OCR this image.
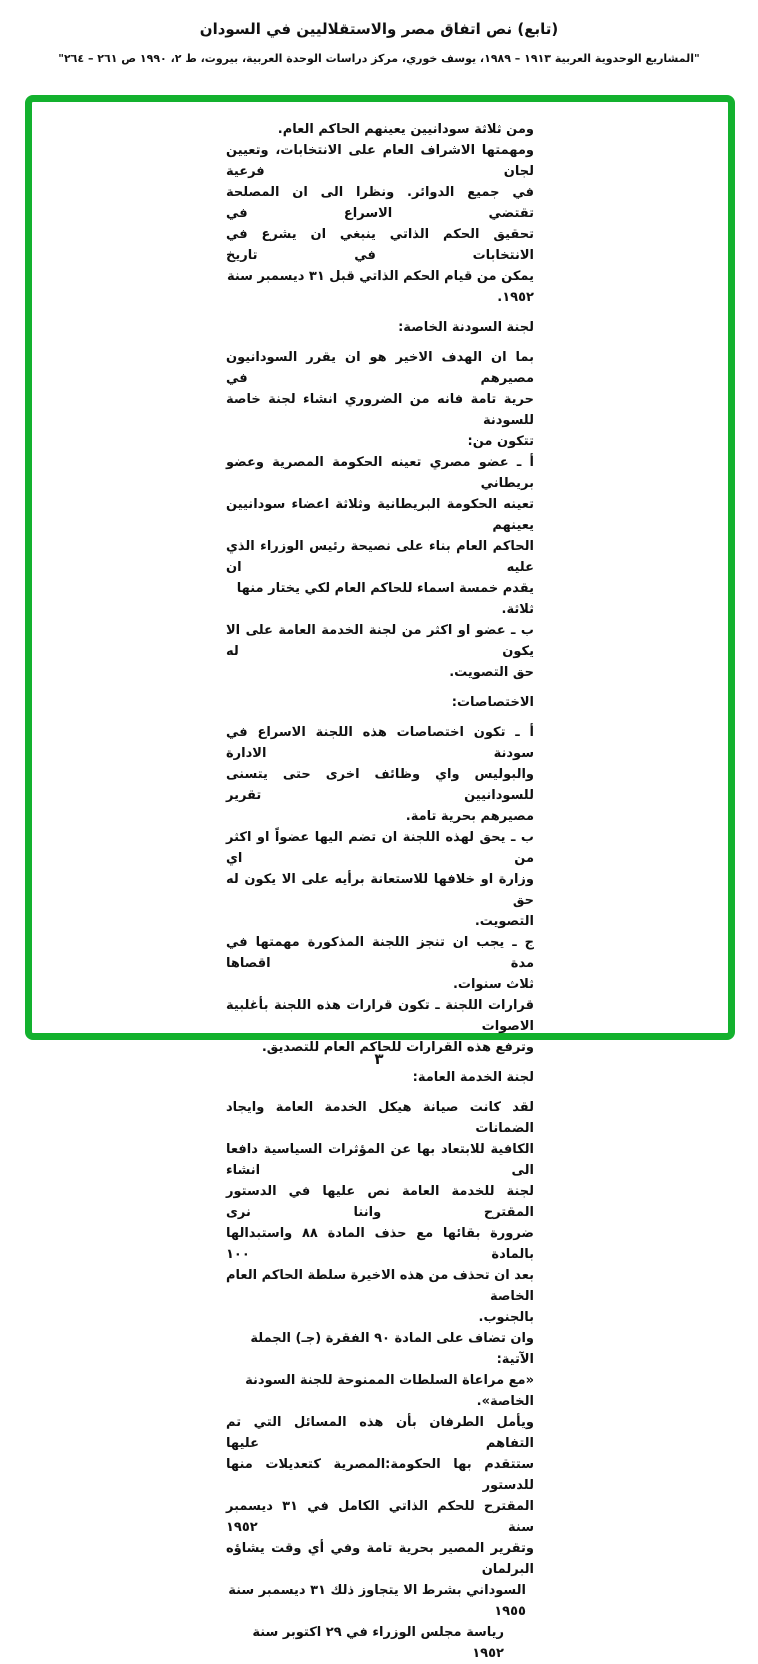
(تابع) نص اتفاق مصر والاستقلاليين في السودان
"المشاريع الوحدوية العربية ١٩١٣ – ١٩٨٩، يوسف خوري، مركز دراسات الوحدة العربية، بيروت، ط ٢، ١٩٩٠ ص ٢٦١ – ٢٦٤"
ومن ثلاثة سودانيين يعينهم الحاكم العام.
ومهمتها الاشراف العام على الانتخابات، وتعيين لجان فرعية
في جميع الدوائر. ونظرا الى ان المصلحة تقتضي الاسراع في
تحقيق الحكم الذاتي ينبغي ان يشرع في الانتخابات في تاريخ
يمكن من قيام الحكم الذاتي قبل ٣١ ديسمبر سنة ١٩٥٢.
لجنة السودنة الخاصة:
بما ان الهدف الاخير هو ان يقرر السودانيون مصيرهم في
حرية تامة فانه من الضروري انشاء لجنة خاصة للسودنة
تتكون من:
أ ـ عضو مصري تعينه الحكومة المصرية وعضو بريطاني
تعينه الحكومة البريطانية وثلاثة اعضاء سودانيين يعينهم
الحاكم العام بناء على نصيحة رئيس الوزراء الذي عليه ان
يقدم خمسة اسماء للحاكم العام لكي يختار منها ثلاثة.
ب ـ عضو او اكثر من لجنة الخدمة العامة على الا يكون له
حق التصويت.
الاختصاصات:
أ ـ تكون اختصاصات هذه اللجنة الاسراع في سودنة الادارة
والبوليس واي وظائف اخرى حتى يتسنى للسودانيين تقرير
مصيرهم بحرية تامة.
ب ـ يحق لهذه اللجنة ان تضم اليها عضواً او اكثر من اي
وزارة او خلافها للاستعانة برأيه على الا يكون له حق
التصويت.
ج ـ يجب ان تنجز اللجنة المذكورة مهمتها في مدة اقصاها
ثلاث سنوات.
قرارات اللجنة ـ تكون قرارات هذه اللجنة بأغلبية الاصوات
وترفع هذه القرارات للحاكم العام للتصديق.
لجنة الخدمة العامة:
لقد كانت صيانة هيكل الخدمة العامة وايجاد الضمانات
الكافية للابتعاد بها عن المؤثرات السياسية دافعا الى انشاء
لجنة للخدمة العامة نص عليها في الدستور المقترح واننا نرى
ضرورة بقائها مع حذف المادة ٨٨ واستبدالها بالمادة ١٠٠
بعد ان تحذف من هذه الاخيرة سلطة الحاكم العام الخاصة
بالجنوب.
وان تضاف على المادة ٩٠ الفقرة (جـ) الجملة الآتية:
«مع مراعاة السلطات الممنوحة للجنة السودنة الخاصة».
ويأمل الطرفان بأن هذه المسائل التي تم التفاهم عليها
ستتقدم بها الحكومة:المصرية كتعديلات منها للدستور
المقترح للحكم الذاتي الكامل في ٣١ ديسمبر سنة ١٩٥٢
وتقرير المصير بحرية تامة وفي أي وقت يشاؤه البرلمان
السوداني بشرط الا يتجاوز ذلك ٣١ ديسمبر سنة ١٩٥٥
رياسة مجلس الوزراء في ٢٩ اكتوبر سنة ١٩٥٢
٣
